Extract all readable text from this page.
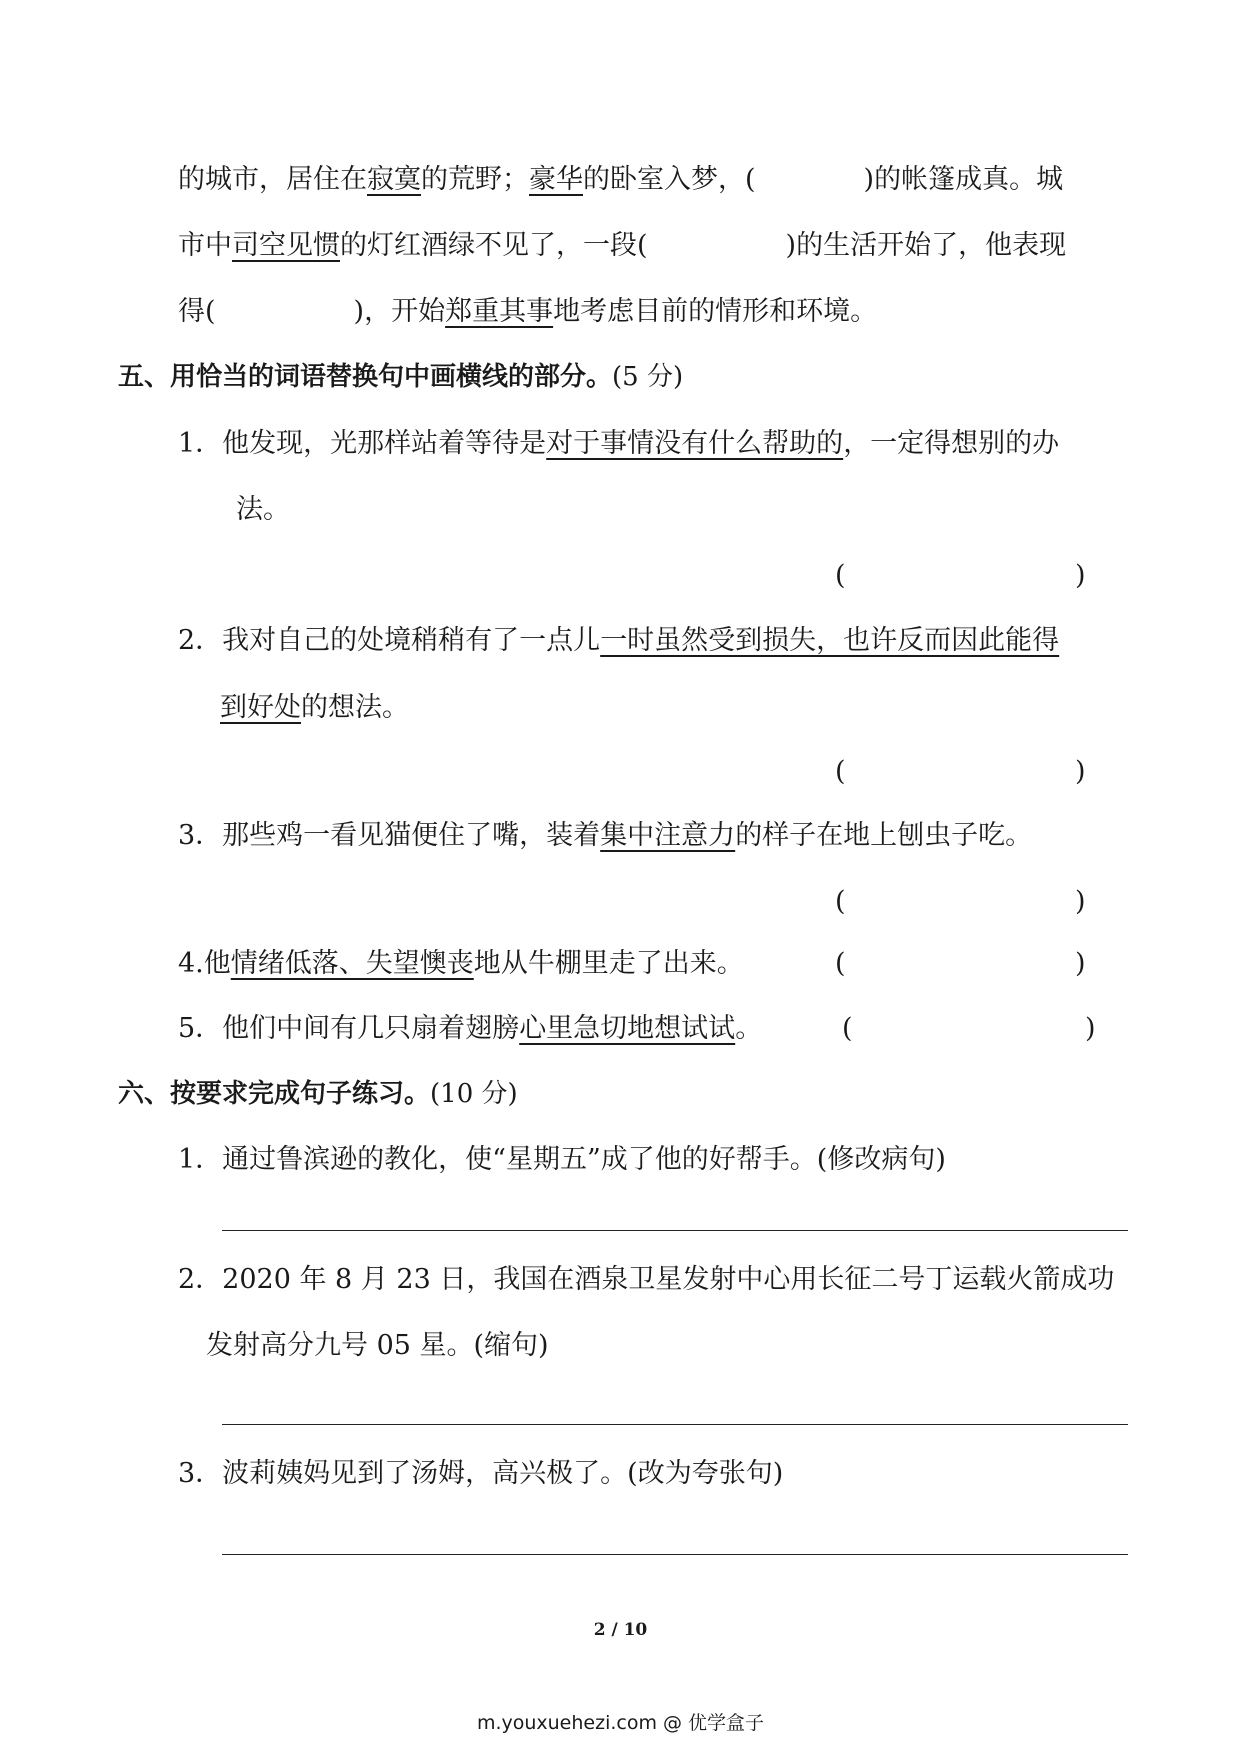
的城市，居住在寂寞的荒野；豪华的卧室入梦，(	)的帐篷成真。城
市中司空见惯的灯红酒绿不见了，一段(	)的生活开始了，他表现
得(	)，开始郑重其事地考虑目前的情形和环境。
五、用恰当的词语替换句中画横线的部分。(5 分)
1．他发现，光那样站着等待是对于事情没有什么帮助的，一定得想别的办
法。
(	)
2．我对自己的处境稍稍有了一点儿一时虽然受到损失，也许反而因此能得
到好处的想法。
(	)
3．那些鸡一看见猫便住了嘴，装着集中注意力的样子在地上刨虫子吃。
(	)
4.他情绪低落、失望懊丧地从牛棚里走了出来。	(	)
5．他们中间有几只扇着翅膀心里急切地想试试。	(	)
六、按要求完成句子练习。(10 分)
1．通过鲁滨逊的教化，使“星期五”成了他的好帮手。(修改病句)
2．2020 年 8 月 23 日，我国在酒泉卫星发射中心用长征二号丁运载火箭成功
发射高分九号 05 星。(缩句)
3．波莉姨妈见到了汤姆，高兴极了。(改为夸张句)
2 / 10
m.youxuehezi.com @ 优学盒子
